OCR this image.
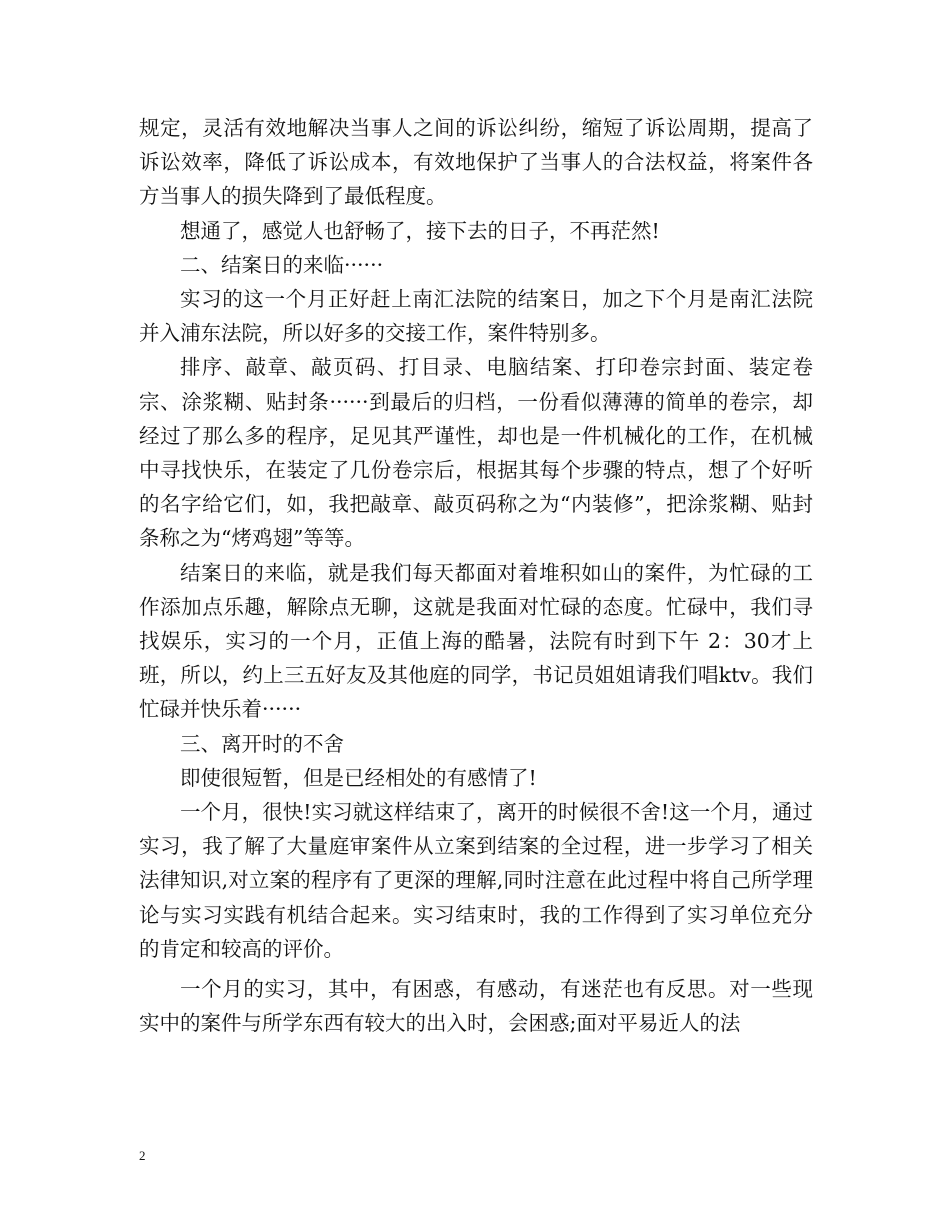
规定，灵活有效地解决当事人之间的诉讼纠纷，缩短了诉讼周期，提高了诉讼效率，降低了诉讼成本，有效地保护了当事人的合法权益，将案件各方当事人的损失降到了最低程度。

想通了，感觉人也舒畅了，接下去的日子，不再茫然!

二、结案日的来临······

实习的这一个月正好赶上南汇法院的结案日，加之下个月是南汇法院并入浦东法院，所以好多的交接工作，案件特别多。

排序、敲章、敲页码、打目录、电脑结案、打印卷宗封面、装定卷宗、涂浆糊、贴封条······到最后的归档，一份看似薄薄的简单的卷宗，却经过了那么多的程序，足见其严谨性，却也是一件机械化的工作，在机械中寻找快乐，在装定了几份卷宗后，根据其每个步骤的特点，想了个好听的名字给它们，如，我把敲章、敲页码称之为“内装修”，把涂浆糊、贴封条称之为“烤鸡翅”等等。

结案日的来临，就是我们每天都面对着堆积如山的案件，为忙碌的工作添加点乐趣，解除点无聊，这就是我面对忙碌的态度。忙碌中，我们寻找娱乐，实习的一个月，正值上海的酷暑，法院有时到下午 2：30才上班，所以，约上三五好友及其他庭的同学，书记员姐姐请我们唱ktv。我们忙碌并快乐着······

三、离开时的不舍

即使很短暂，但是已经相处的有感情了!

一个月，很快!实习就这样结束了，离开的时候很不舍!这一个月，通过实习，我了解了大量庭审案件从立案到结案的全过程，进一步学习了相关法律知识,对立案的程序有了更深的理解,同时注意在此过程中将自己所学理论与实习实践有机结合起来。实习结束时，我的工作得到了实习单位充分的肯定和较高的评价。

一个月的实习，其中，有困惑，有感动，有迷茫也有反思。对一些现实中的案件与所学东西有较大的出入时，会困惑;面对平易近人的法

2
